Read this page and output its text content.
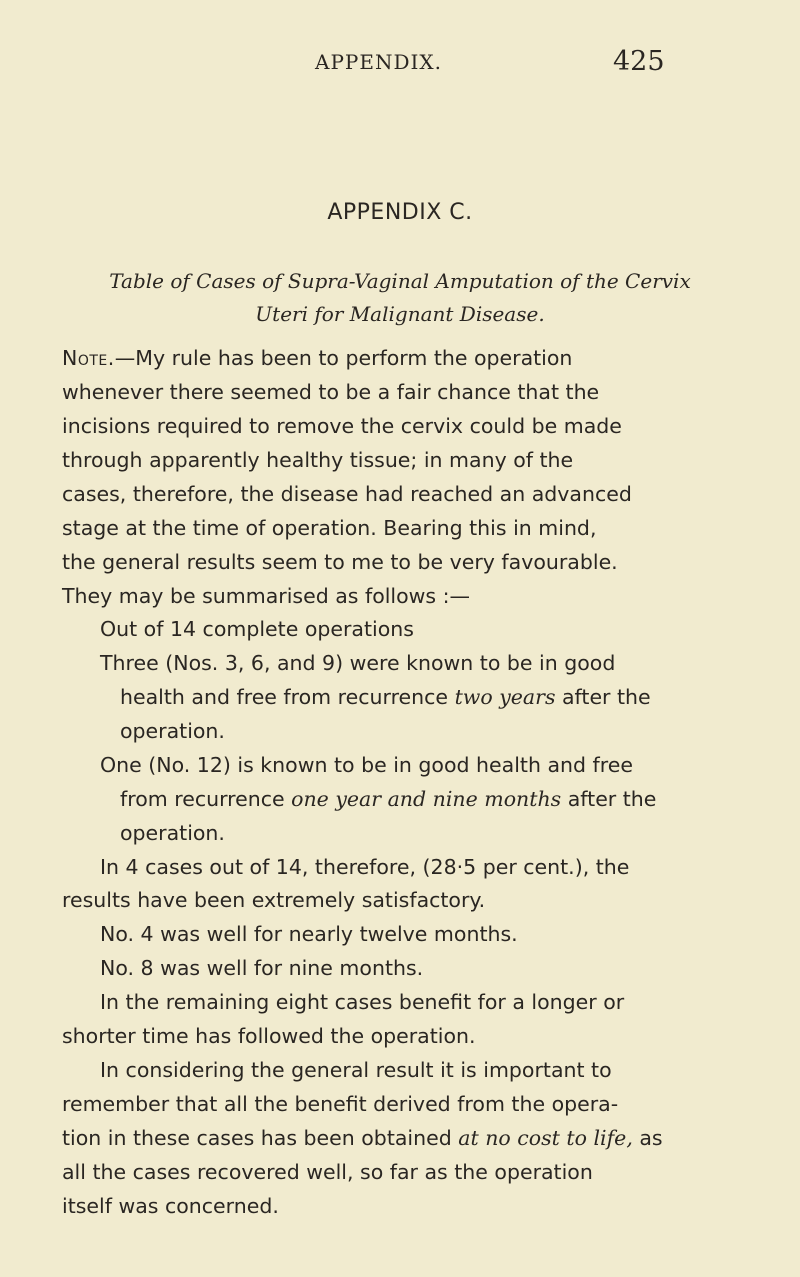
APPENDIX.	425
APPENDIX C.
Table of Cases of Supra-Vaginal Amputation of the Cervix
Uteri for Malignant Disease.
Note.—My rule has been to perform the operation
whenever there seemed to be a fair chance that the
incisions required to remove the cervix could be made
through apparently healthy tissue; in many of the
cases, therefore, the disease had reached an advanced
stage at the time of operation. Bearing this in mind,
the general results seem to me to be very favourable.
They may be summarised as follows :—
Out of 14 complete operations
Three (Nos. 3, 6, and 9) were known to be in good
health and free from recurrence two years after the
operation.
One (No. 12) is known to be in good health and free
from recurrence one year and nine months after the
operation.
In 4 cases out of 14, therefore, (28·5 per cent.), the
results have been extremely satisfactory.
No. 4 was well for nearly twelve months.
No. 8 was well for nine months.
In the remaining eight cases benefit for a longer or
shorter time has followed the operation.
In considering the general result it is important to
remember that all the benefit derived from the opera-
tion in these cases has been obtained at no cost to life, as
all the cases recovered well, so far as the operation
itself was concerned.
